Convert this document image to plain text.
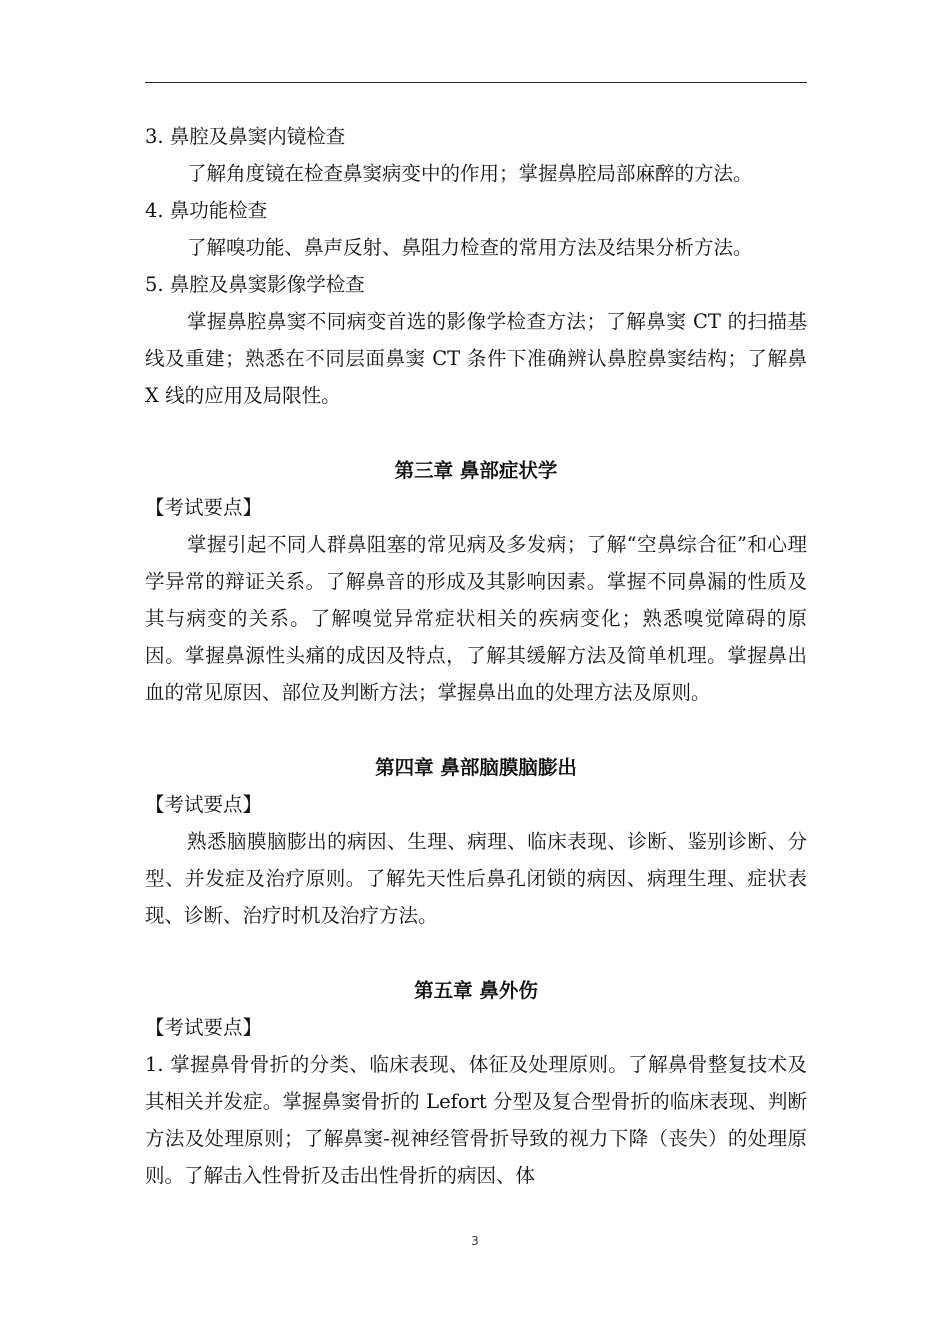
3. 鼻腔及鼻窦内镜检查
了解角度镜在检查鼻窦病变中的作用；掌握鼻腔局部麻醉的方法。
4. 鼻功能检查
了解嗅功能、鼻声反射、鼻阻力检查的常用方法及结果分析方法。
5. 鼻腔及鼻窦影像学检查

掌握鼻腔鼻窦不同病变首选的影像学检查方法；了解鼻窦 CT 的扫描基线及重建；熟悉在不同层面鼻窦 CT 条件下准确辨认鼻腔鼻窦结构；了解鼻 X 线的应用及局限性。

第三章 鼻部症状学
【考试要点】

掌握引起不同人群鼻阻塞的常见病及多发病；了解“空鼻综合征”和心理学异常的辩证关系。了解鼻音的形成及其影响因素。掌握不同鼻漏的性质及其与病变的关系。了解嗅觉异常症状相关的疾病变化；熟悉嗅觉障碍的原因。掌握鼻源性头痛的成因及特点，了解其缓解方法及简单机理。掌握鼻出血的常见原因、部位及判断方法；掌握鼻出血的处理方法及原则。

第四章 鼻部脑膜脑膨出
【考试要点】

熟悉脑膜脑膨出的病因、生理、病理、临床表现、诊断、鉴别诊断、分型、并发症及治疗原则。了解先天性后鼻孔闭锁的病因、病理生理、症状表现、诊断、治疗时机及治疗方法。

第五章 鼻外伤
【考试要点】

1. 掌握鼻骨骨折的分类、临床表现、体征及处理原则。了解鼻骨整复技术及其相关并发症。掌握鼻窦骨折的 Lefort 分型及复合型骨折的临床表现、判断方法及处理原则；了解鼻窦-视神经管骨折导致的视力下降（丧失）的处理原则。了解击入性骨折及击出性骨折的病因、体

3
